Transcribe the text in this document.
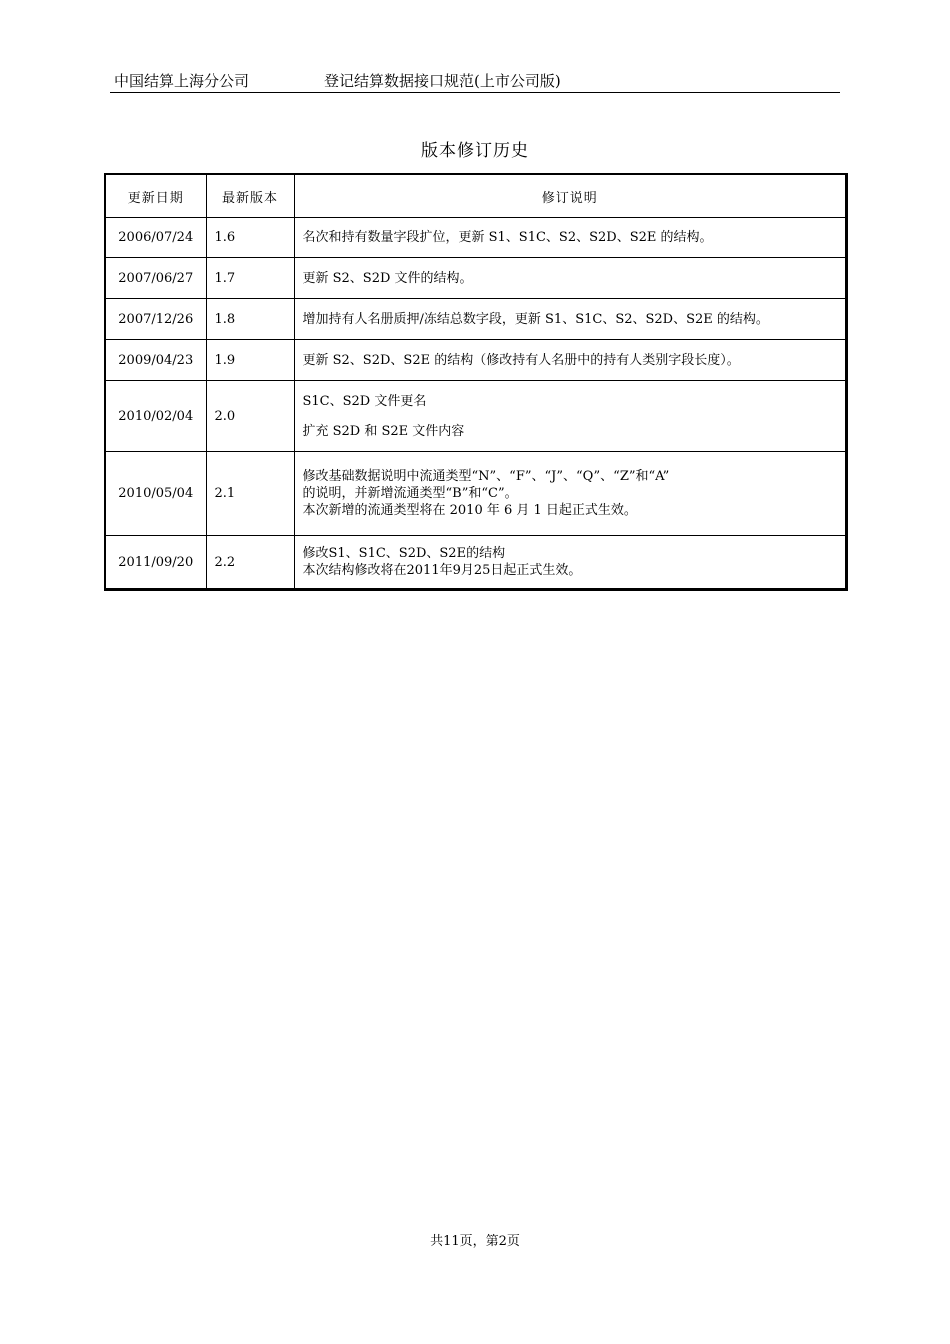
中国结算上海分公司	登记结算数据接口规范(上市公司版)
版本修订历史
更新日期	最新版本	修订说明
2006/07/24	1.6	名次和持有数量字段扩位，更新 S1、S1C、S2、S2D、S2E 的结构。

2007/06/27	1.7	更新 S2、S2D 文件的结构。

2007/12/26	1.8	增加持有人名册质押/冻结总数字段，更新 S1、S1C、S2、S2D、S2E 的结构。

2009/04/23	1.9	更新 S2、S2D、S2E 的结构（修改持有人名册中的持有人类别字段长度）。

2010/02/04	2.0	S1C、S2D 文件更名
扩充 S2D 和 S2E 文件内容

2010/05/04	2.1	修改基础数据说明中流通类型“N”、“F”、“J”、“Q”、“Z”和“A”
的说明，并新增流通类型“B”和“C”。
本次新增的流通类型将在 2010 年 6 月 1 日起正式生效。

2011/09/20	2.2	修改S1、S1C、S2D、S2E的结构
本次结构修改将在2011年9月25日起正式生效。
共11页，第2页
